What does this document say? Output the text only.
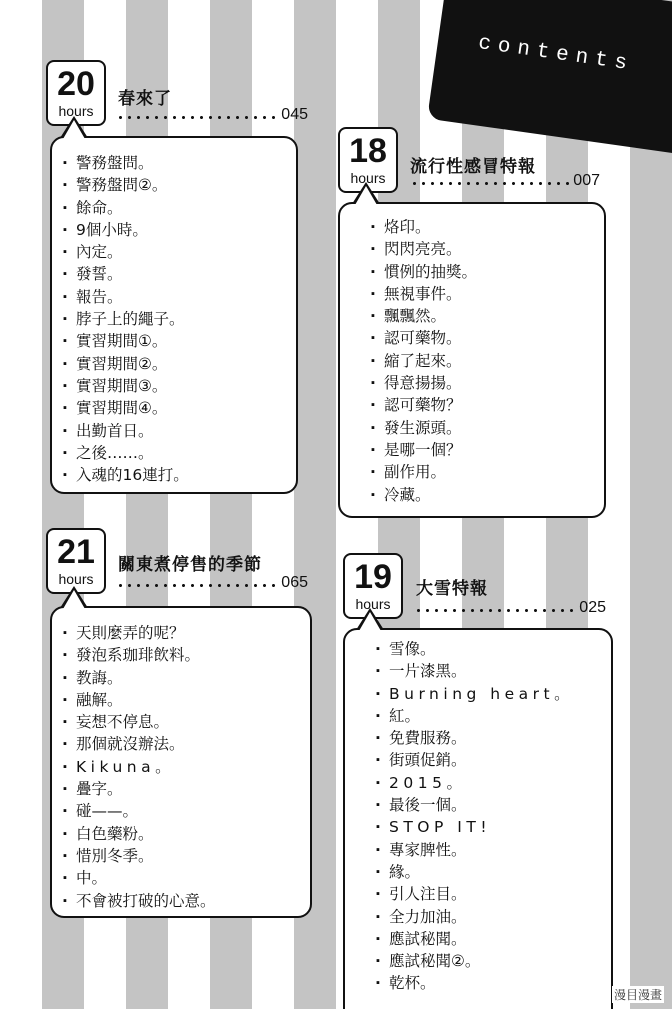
contents
20
hours
春來了
045
· 警務盤問。
· 警務盤問②。
· 餘命。
· 9個小時。
· 內定。
· 發誓。
· 報告。
· 脖子上的繩子。
· 實習期間①。
· 實習期間②。
· 實習期間③。
· 實習期間④。
· 出勤首日。
· 之後……。
· 入魂的16連打。
18
hours
流行性感冒特報
007
· 烙印。
· 閃閃亮亮。
· 慣例的抽獎。
· 無視事件。
· 飄飄然。
· 認可藥物。
· 縮了起來。
· 得意揚揚。
· 認可藥物？
· 發生源頭。
· 是哪一個？
· 副作用。
· 冷藏。
21
hours
關東煮停售的季節
065
· 天則麼弄的呢？
· 發泡系珈琲飲料。
· 教誨。
· 融解。
· 妄想不停息。
· 那個就沒辦法。
· Kikuna。
· 疊字。
· 碰——。
· 白色藥粉。
· 惜別冬季。
· 中。
· 不會被打破的心意。
19
hours
大雪特報
025
· 雪像。
· 一片漆黑。
· Burning heart。
· 紅。
· 免費服務。
· 街頭促銷。
· 2015。
· 最後一個。
· STOP IT!
· 專家脾性。
· 緣。
· 引人注目。
· 全力加油。
· 應試秘聞。
· 應試秘聞②。
· 乾杯。
漫目漫畫
